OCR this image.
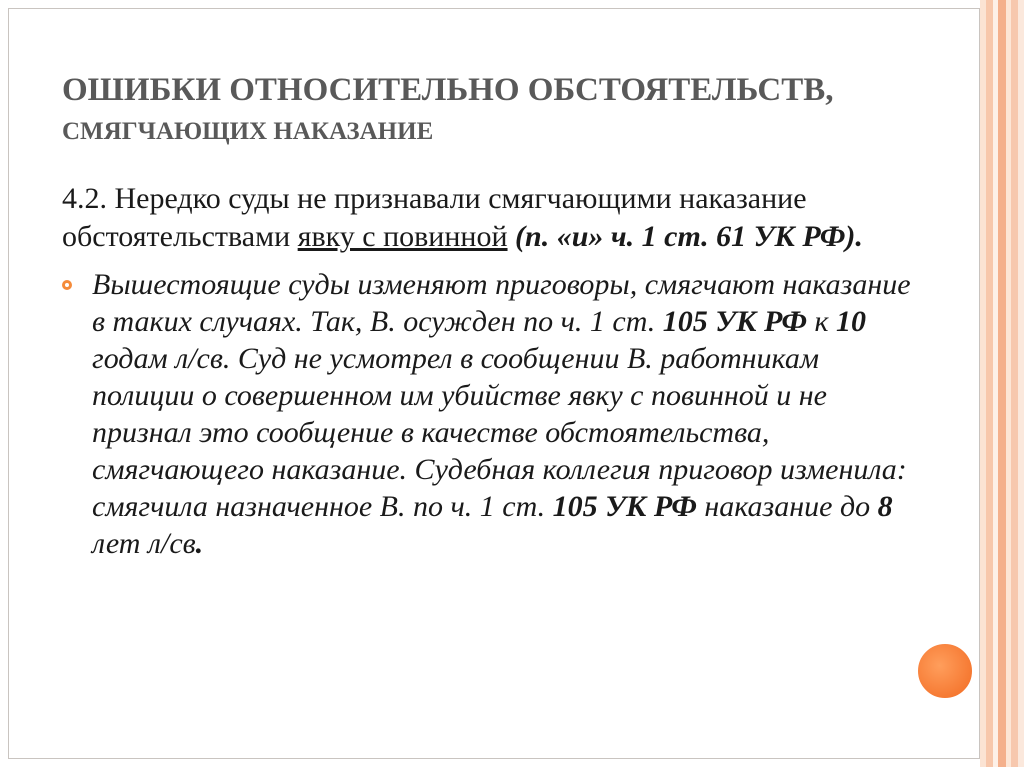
ОШИБКИ ОТНОСИТЕЛЬНО ОБСТОЯТЕЛЬСТВ,
СМЯГЧАЮЩИХ НАКАЗАНИЕ

4.2. Нередко суды не признавали смягчающими наказание обстоятельствами явку с повинной (п. «и» ч. 1 ст. 61 УК РФ).

Вышестоящие суды изменяют приговоры, смягчают наказание в таких случаях. Так, В. осужден по ч. 1 ст. 105 УК РФ к 10 годам л/св. Суд не усмотрел в сообщении В. работникам полиции о совершенном им убийстве явку с повинной и не признал это сообщение в качестве обстоятельства, смягчающего наказание. Судебная коллегия приговор изменила: смягчила назначенное В. по ч. 1 ст. 105 УК РФ наказание до 8 лет л/св.
